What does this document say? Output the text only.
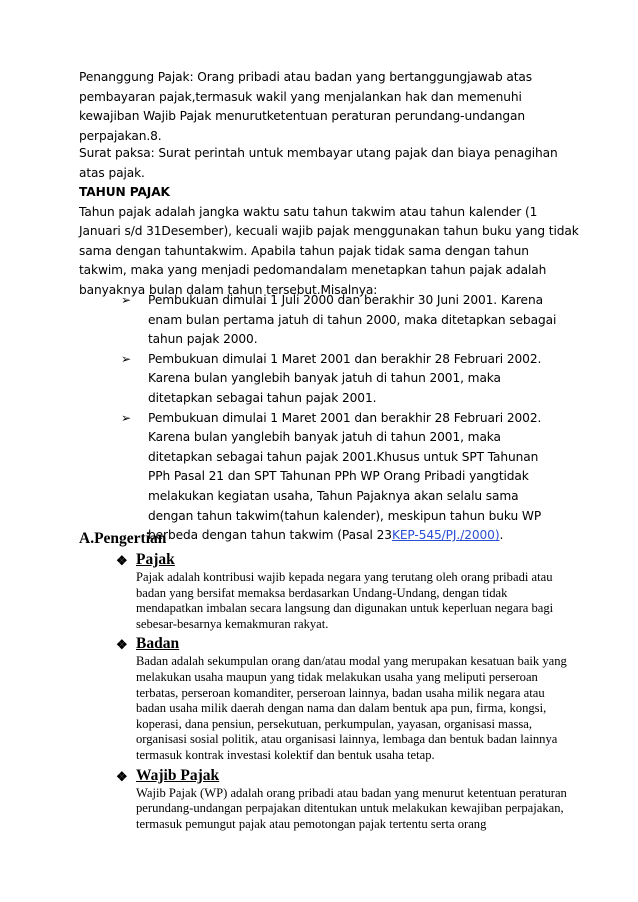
Penanggung Pajak: Orang pribadi atau badan yang bertanggungjawab atas pembayaran pajak,termasuk wakil yang menjalankan hak dan memenuhi kewajiban Wajib Pajak menurutketentuan peraturan perundang-undangan perpajakan.8.

Surat paksa: Surat perintah untuk membayar utang pajak dan biaya penagihan atas pajak.

TAHUN PAJAK

Tahun pajak adalah jangka waktu satu tahun takwim atau tahun kalender (1 Januari s/d 31Desember), kecuali wajib pajak menggunakan tahun buku yang tidak sama dengan tahuntakwim. Apabila tahun pajak tidak sama dengan tahun takwim, maka yang menjadi pedomandalam menetapkan tahun pajak adalah banyaknya bulan dalam tahun tersebut.Misalnya:

➢	Pembukuan dimulai 1 Juli 2000 dan berakhir 30 Juni 2001. Karena enam bulan pertama jatuh di tahun 2000, maka ditetapkan sebagai tahun pajak 2000.
➢	Pembukuan dimulai 1 Maret 2001 dan berakhir 28 Februari 2002. Karena bulan yanglebih banyak jatuh di tahun 2001, maka ditetapkan sebagai tahun pajak 2001.
➢	Pembukuan dimulai 1 Maret 2001 dan berakhir 28 Februari 2002. Karena bulan yanglebih banyak jatuh di tahun 2001, maka ditetapkan sebagai tahun pajak 2001.Khusus untuk SPT Tahunan PPh Pasal 21 dan SPT Tahunan PPh WP Orang Pribadi yangtidak melakukan kegiatan usaha, Tahun Pajaknya akan selalu sama dengan tahun takwim(tahun kalender), meskipun tahun buku WP berbeda dengan tahun takwim (Pasal 23KEP-545/PJ./2000).
A.Pengertian
❖ Pajak
Pajak adalah kontribusi wajib kepada negara yang terutang oleh orang pribadi atau badan yang bersifat memaksa berdasarkan Undang-Undang, dengan tidak mendapatkan imbalan secara langsung dan digunakan untuk keperluan negara bagi sebesar-besarnya kemakmuran rakyat.
❖ Badan
Badan adalah sekumpulan orang dan/atau modal yang merupakan kesatuan baik yang melakukan usaha maupun yang tidak melakukan usaha yang meliputi perseroan terbatas, perseroan komanditer, perseroan lainnya, badan usaha milik negara atau badan usaha milik daerah dengan nama dan dalam bentuk apa pun, firma, kongsi, koperasi, dana pensiun, persekutuan, perkumpulan, yayasan, organisasi massa, organisasi sosial politik, atau organisasi lainnya, lembaga dan bentuk badan lainnya termasuk kontrak investasi kolektif dan bentuk usaha tetap.
❖ Wajib Pajak
Wajib Pajak (WP) adalah orang pribadi atau badan yang menurut ketentuan peraturan perundang-undangan perpajakan ditentukan untuk melakukan kewajiban perpajakan, termasuk pemungut pajak atau pemotongan pajak tertentu serta orang
